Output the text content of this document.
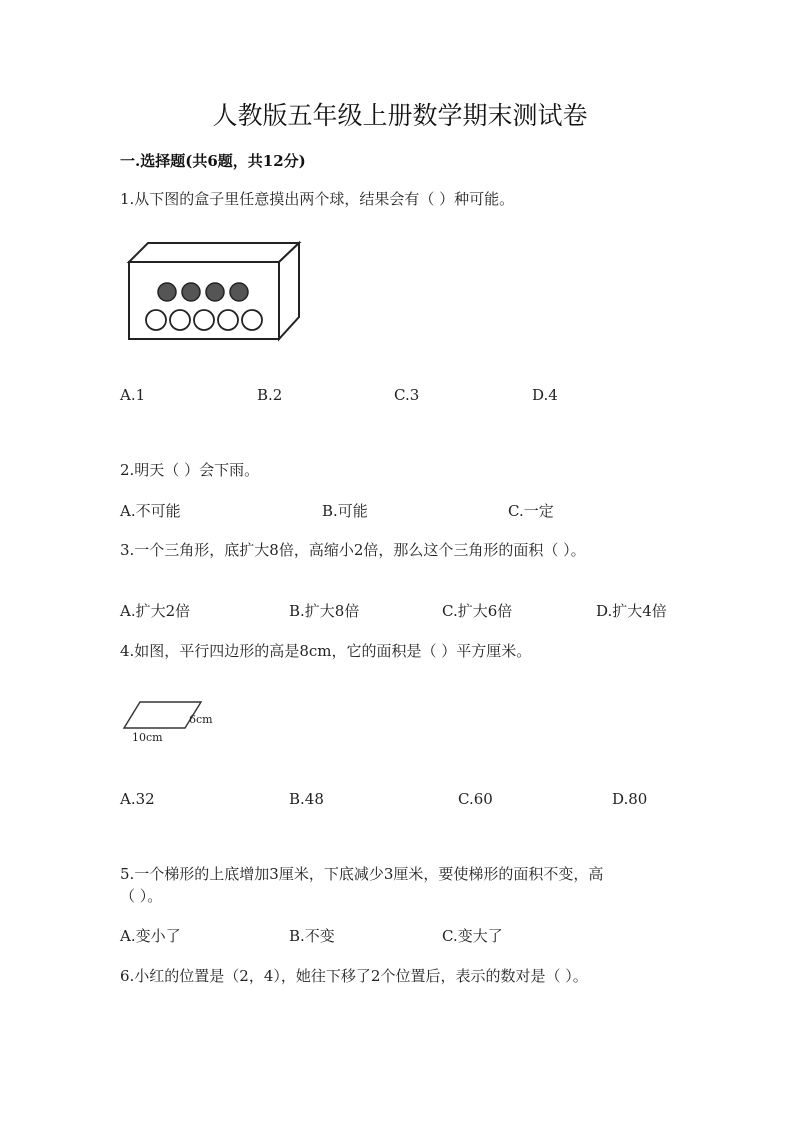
人教版五年级上册数学期末测试卷
一.选择题(共6题，共12分)
1.从下图的盒子里任意摸出两个球，结果会有（ ）种可能。
A.1	B.2	C.3	D.4
2.明天（ ）会下雨。
A.不可能	B.可能	C.一定
3.一个三角形，底扩大8倍，高缩小2倍，那么这个三角形的面积（ ）。
A.扩大2倍	B.扩大8倍	C.扩大6倍	D.扩大4倍
4.如图，平行四边形的高是8cm，它的面积是（ ）平方厘米。
6cm
10cm
A.32	B.48	C.60	D.80
5.一个梯形的上底增加3厘米，下底减少3厘米，要使梯形的面积不变，高
（ ）。
A.变小了	B.不变	C.变大了
6.小红的位置是（2，4），她往下移了2个位置后，表示的数对是（ ）。
